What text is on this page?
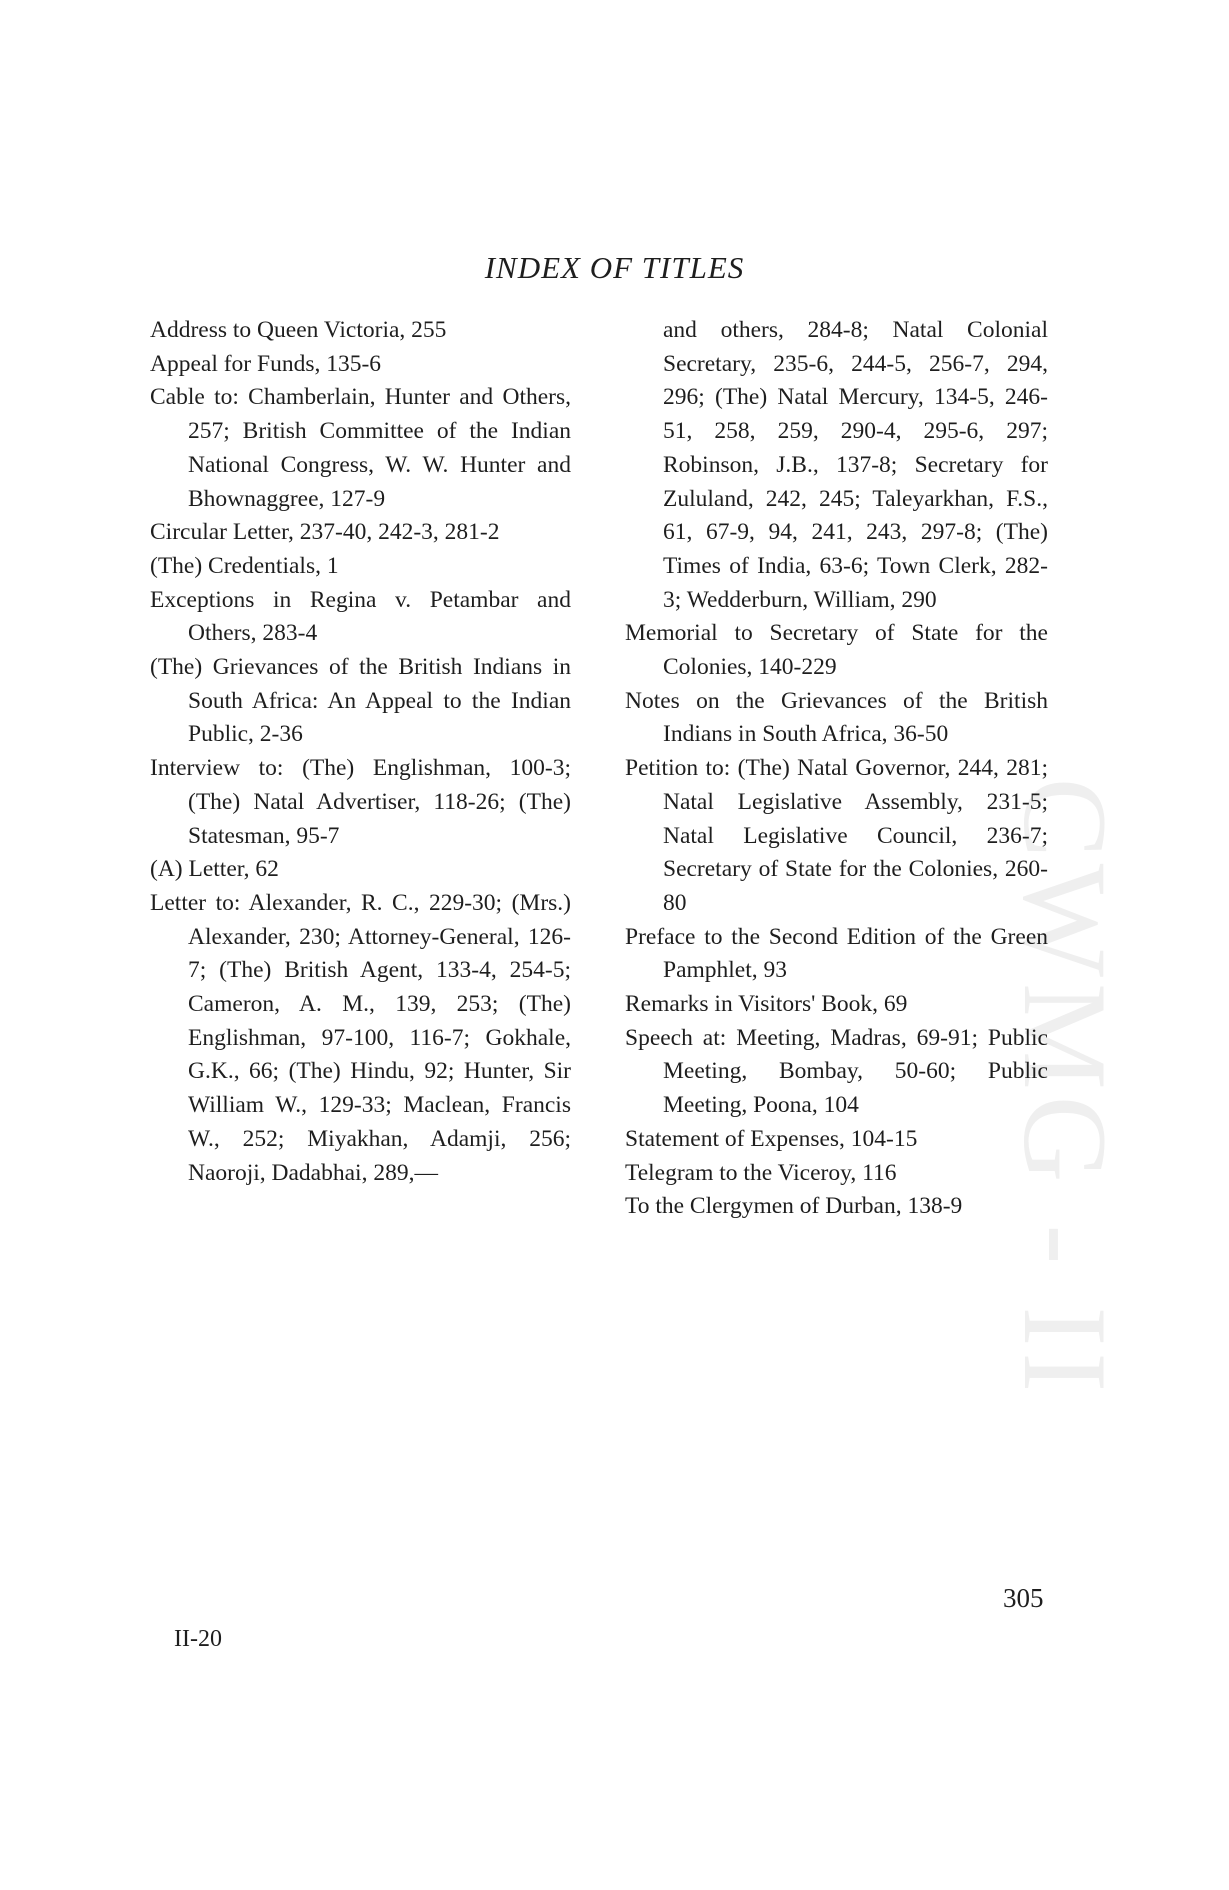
CWMG - II
INDEX OF TITLES

Address to Queen Victoria, 255

Appeal for Funds, 135-6

Cable to: Chamberlain, Hunter and Others, 257; British Committee of the Indian National Congress, W. W. Hunter and Bhownaggree, 127-9

Circular Letter, 237-40, 242-3, 281-2

(The) Credentials, 1

Exceptions in Regina v. Petambar and Others, 283-4

(The) Grievances of the British Indians in South Africa: An Appeal to the Indian Public, 2-36

Interview to: (The) Englishman, 100-3; (The) Natal Advertiser, 118-26; (The) Statesman, 95-7

(A) Letter, 62

Letter to: Alexander, R. C., 229-30; (Mrs.) Alexander, 230; Attorney-General, 126-7; (The) British Agent, 133-4, 254-5; Cameron, A. M., 139, 253; (The) Englishman, 97-100, 116-7; Gokhale, G.K., 66; (The) Hindu, 92; Hunter, Sir William W., 129-33; Maclean, Francis W., 252; Miyakhan, Adamji, 256; Naoroji, Dadabhai, 289,—

and others, 284-8; Natal Colonial Secretary, 235-6, 244-5, 256-7, 294, 296; (The) Natal Mercury, 134-5, 246-51, 258, 259, 290-4, 295-6, 297; Robinson, J.B., 137-8; Secretary for Zululand, 242, 245; Taleyarkhan, F.S., 61, 67-9, 94, 241, 243, 297-8; (The) Times of India, 63-6; Town Clerk, 282-3; Wedderburn, William, 290

Memorial to Secretary of State for the Colonies, 140-229

Notes on the Grievances of the British Indians in South Africa, 36-50

Petition to: (The) Natal Governor, 244, 281; Natal Legislative Assembly, 231-5; Natal Legislative Council, 236-7; Secretary of State for the Colonies, 260-80

Preface to the Second Edition of the Green Pamphlet, 93

Remarks in Visitors' Book, 69

Speech at: Meeting, Madras, 69-91; Public Meeting, Bombay, 50-60; Public Meeting, Poona, 104

Statement of Expenses, 104-15

Telegram to the Viceroy, 116

To the Clergymen of Durban, 138-9

305
II-20
